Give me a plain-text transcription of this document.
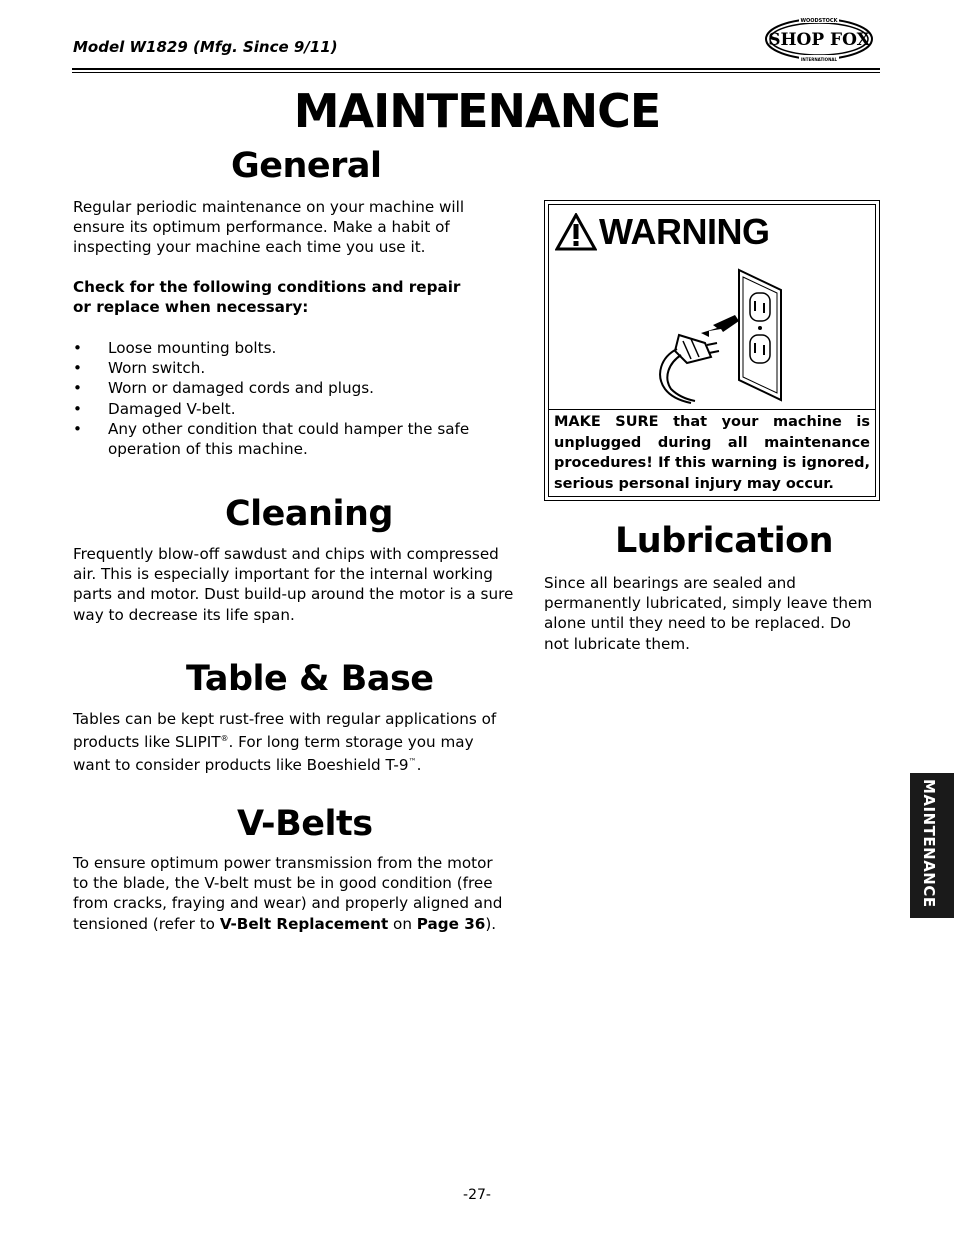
Model W1829 (Mfg. Since 9/11)
WOODSTOCK
INTERNATIONAL
SHOP FOX
MAINTENANCE
General

Regular periodic maintenance on your machine will ensure its optimum performance. Make a habit of inspecting your machine each time you use it.

Check for the following conditions and repair or replace when necessary:

• Loose mounting bolts.
• Worn switch.
• Worn or damaged cords and plugs.
• Damaged V-belt.
• Any other condition that could hamper the safe operation of this machine.
WARNING
MAKE SURE that your machine is unplugged during all maintenance procedures! If this warning is ignored, serious personal injury may occur.
Cleaning

Frequently blow-off sawdust and chips with compressed air. This is especially important for the internal working parts and motor. Dust build-up around the motor is a sure way to decrease its life span.

Lubrication

Since all bearings are sealed and permanently lubricated, simply leave them alone until they need to be replaced. Do not lubricate them.

Table & Base

Tables can be kept rust-free with regular applications of products like SLIPIT®. For long term storage you may want to consider products like Boeshield T-9™.

V-Belts

To ensure optimum power transmission from the motor to the blade, the V-belt must be in good condition (free from cracks, fraying and wear) and properly aligned and tensioned (refer to V-Belt Replacement on Page 36).

MAINTENANCE
-27-
